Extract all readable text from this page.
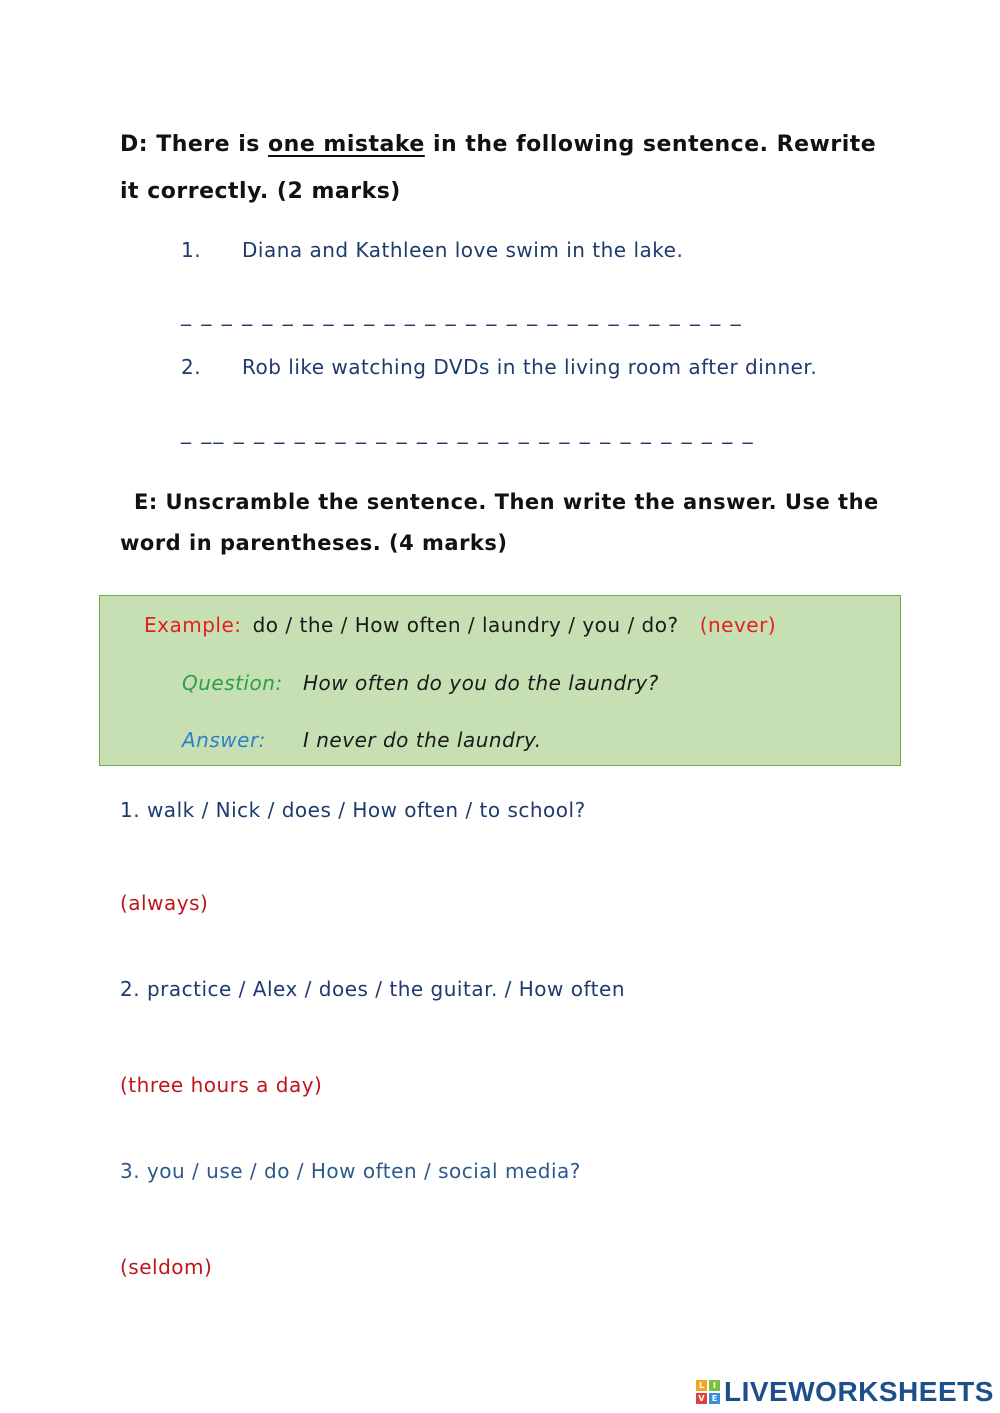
D: There is one mistake in the following sentence. Rewrite
it correctly. (2 marks)
1. Diana and Kathleen love swim in the lake.
_ _ _ _ _ _ _ _ _ _ _ _ _ _ _ _ _ _ _ _ _ _ _ _ _ _ _ _
2. Rob like watching DVDs in the living room after dinner.
_ __ _ _ _ _ _ _ _ _ _ _ _ _ _ _ _ _ _ _ _ _ _ _ _ _ _ _
E: Unscramble the sentence. Then write the answer. Use the
word in parentheses. (4 marks)
Example: do / the / How often / laundry / you / do? (never)
Question: How often do you do the laundry?
Answer: I never do the laundry.
1. walk / Nick / does / How often / to school?
(always)
2. practice / Alex / does / the guitar. / How often
(three hours a day)
3. you / use / do / How often / social media?
(seldom)
L	I
V E LIVEWORKSHEETS
